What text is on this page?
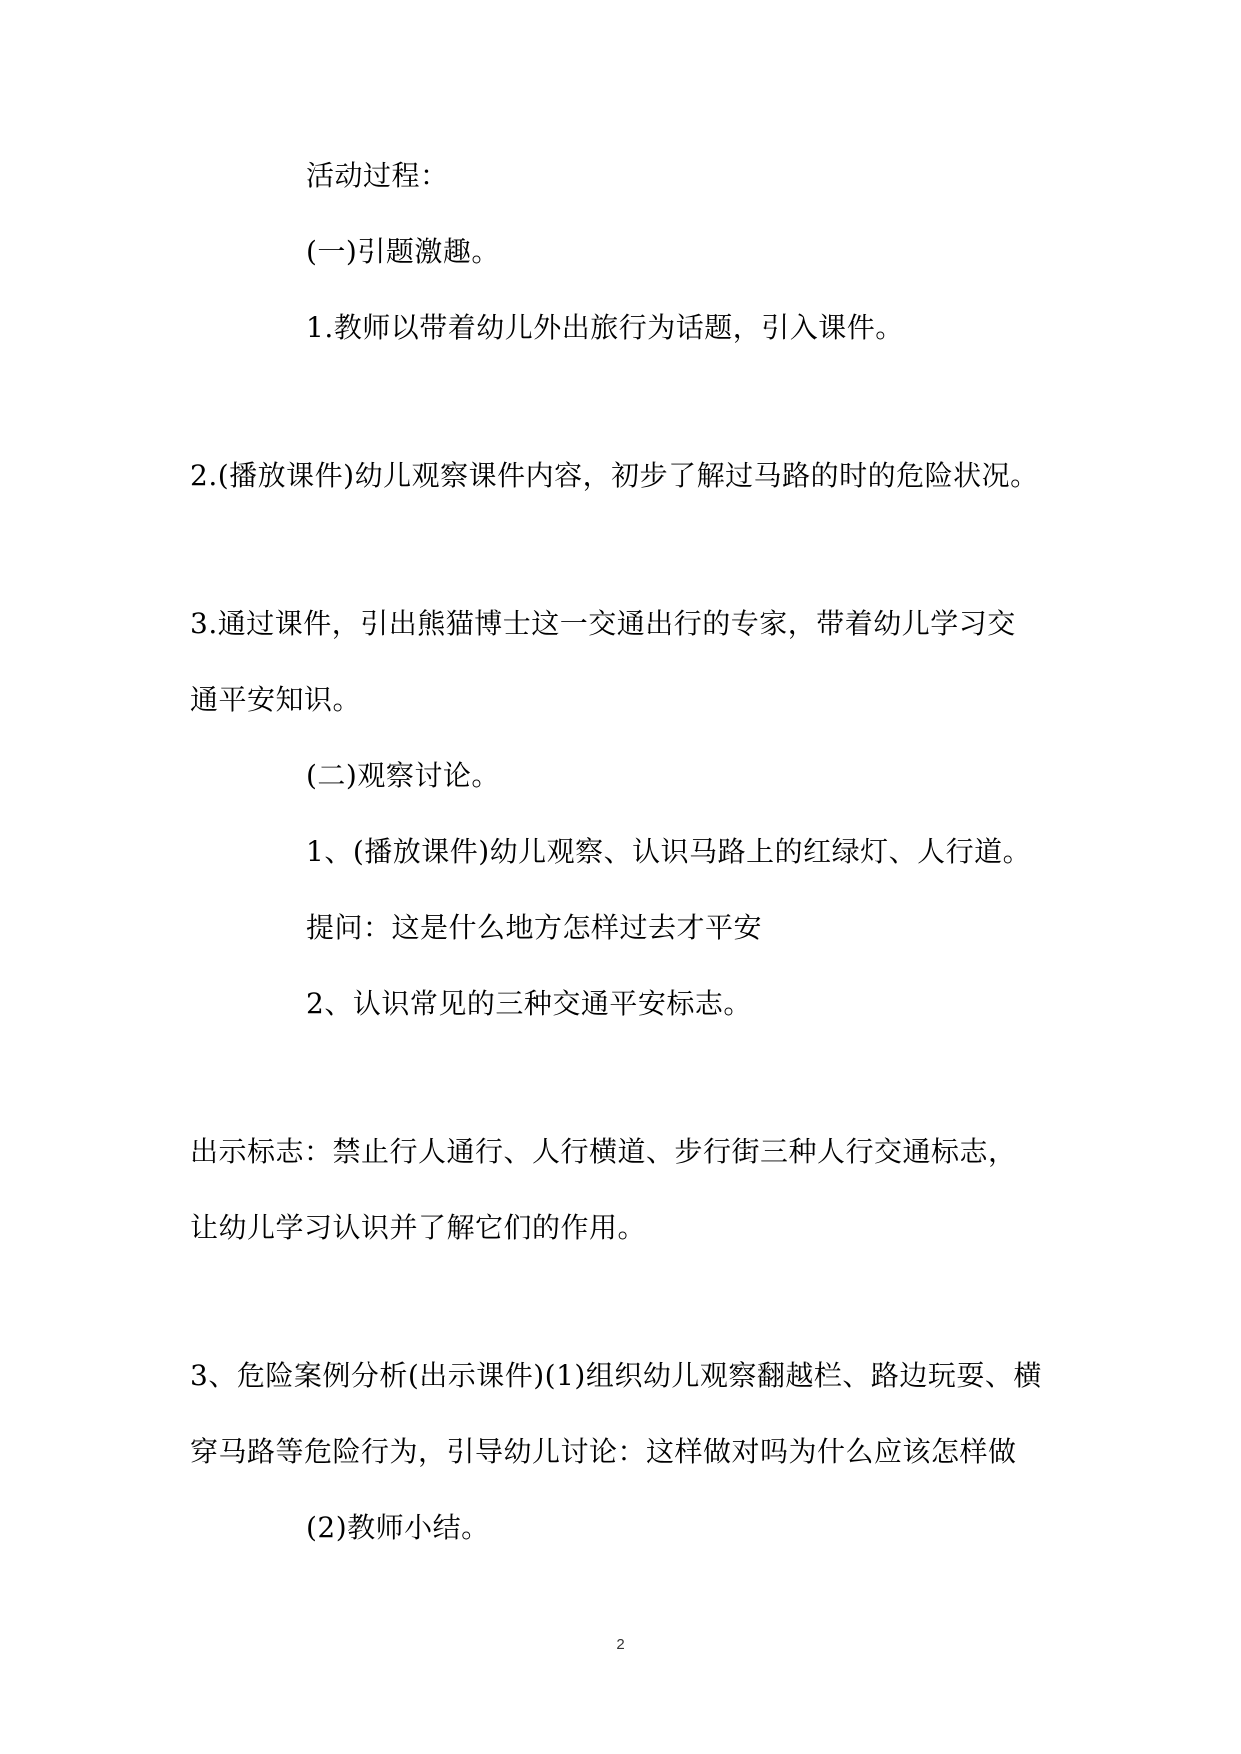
活动过程：
(一)引题激趣。
1.教师以带着幼儿外出旅行为话题，引入课件。
2.(播放课件)幼儿观察课件内容，初步了解过马路的时的危险状况。
3.通过课件，引出熊猫博士这一交通出行的专家，带着幼儿学习交
通平安知识。
(二)观察讨论。
1、(播放课件)幼儿观察、认识马路上的红绿灯、人行道。
提问：这是什么地方怎样过去才平安
2、认识常见的三种交通平安标志。
出示标志：禁止行人通行、人行横道、步行街三种人行交通标志，
让幼儿学习认识并了解它们的作用。
3、危险案例分析(出示课件)(1)组织幼儿观察翻越栏、路边玩耍、横
穿马路等危险行为，引导幼儿讨论：这样做对吗为什么应该怎样做
(2)教师小结。
2
